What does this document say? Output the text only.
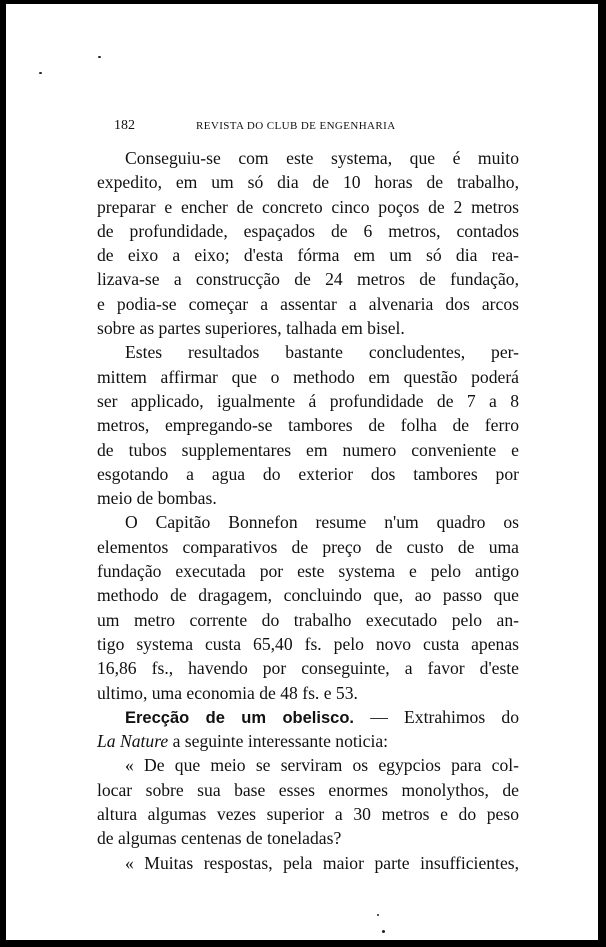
182	REVISTA DO CLUB DE ENGENHARIA
Conseguiu-se com este systema, que é muito
expedito, em um só dia de 10 horas de trabalho,
preparar e encher de concreto cinco poços de 2 metros
de profundidade, espaçados de 6 metros, contados
de eixo a eixo; d'esta fórma em um só dia rea-
lizava-se a construcção de 24 metros de fundação,
e podia-se começar a assentar a alvenaria dos arcos
sobre as partes superiores, talhada em bisel.
Estes resultados bastante concludentes, per-
mittem affirmar que o methodo em questão poderá
ser applicado, igualmente á profundidade de 7 a 8
metros, empregando-se tambores de folha de ferro
de tubos supplementares em numero conveniente e
esgotando a agua do exterior dos tambores por
meio de bombas.
O Capitão Bonnefon resume n'um quadro os
elementos comparativos de preço de custo de uma
fundação executada por este systema e pelo antigo
methodo de dragagem, concluindo que, ao passo que
um metro corrente do trabalho executado pelo an-
tigo systema custa 65,40 fs. pelo novo custa apenas
16,86 fs., havendo por conseguinte, a favor d'este
ultimo, uma economia de 48 fs. e 53.
Erecção de um obelisco. — Extrahimos do
La Nature a seguinte interessante noticia:
« De que meio se serviram os egypcios para col-
locar sobre sua base esses enormes monolythos, de
altura algumas vezes superior a 30 metros e do peso
de algumas centenas de toneladas?
« Muitas respostas, pela maior parte insufficientes,
